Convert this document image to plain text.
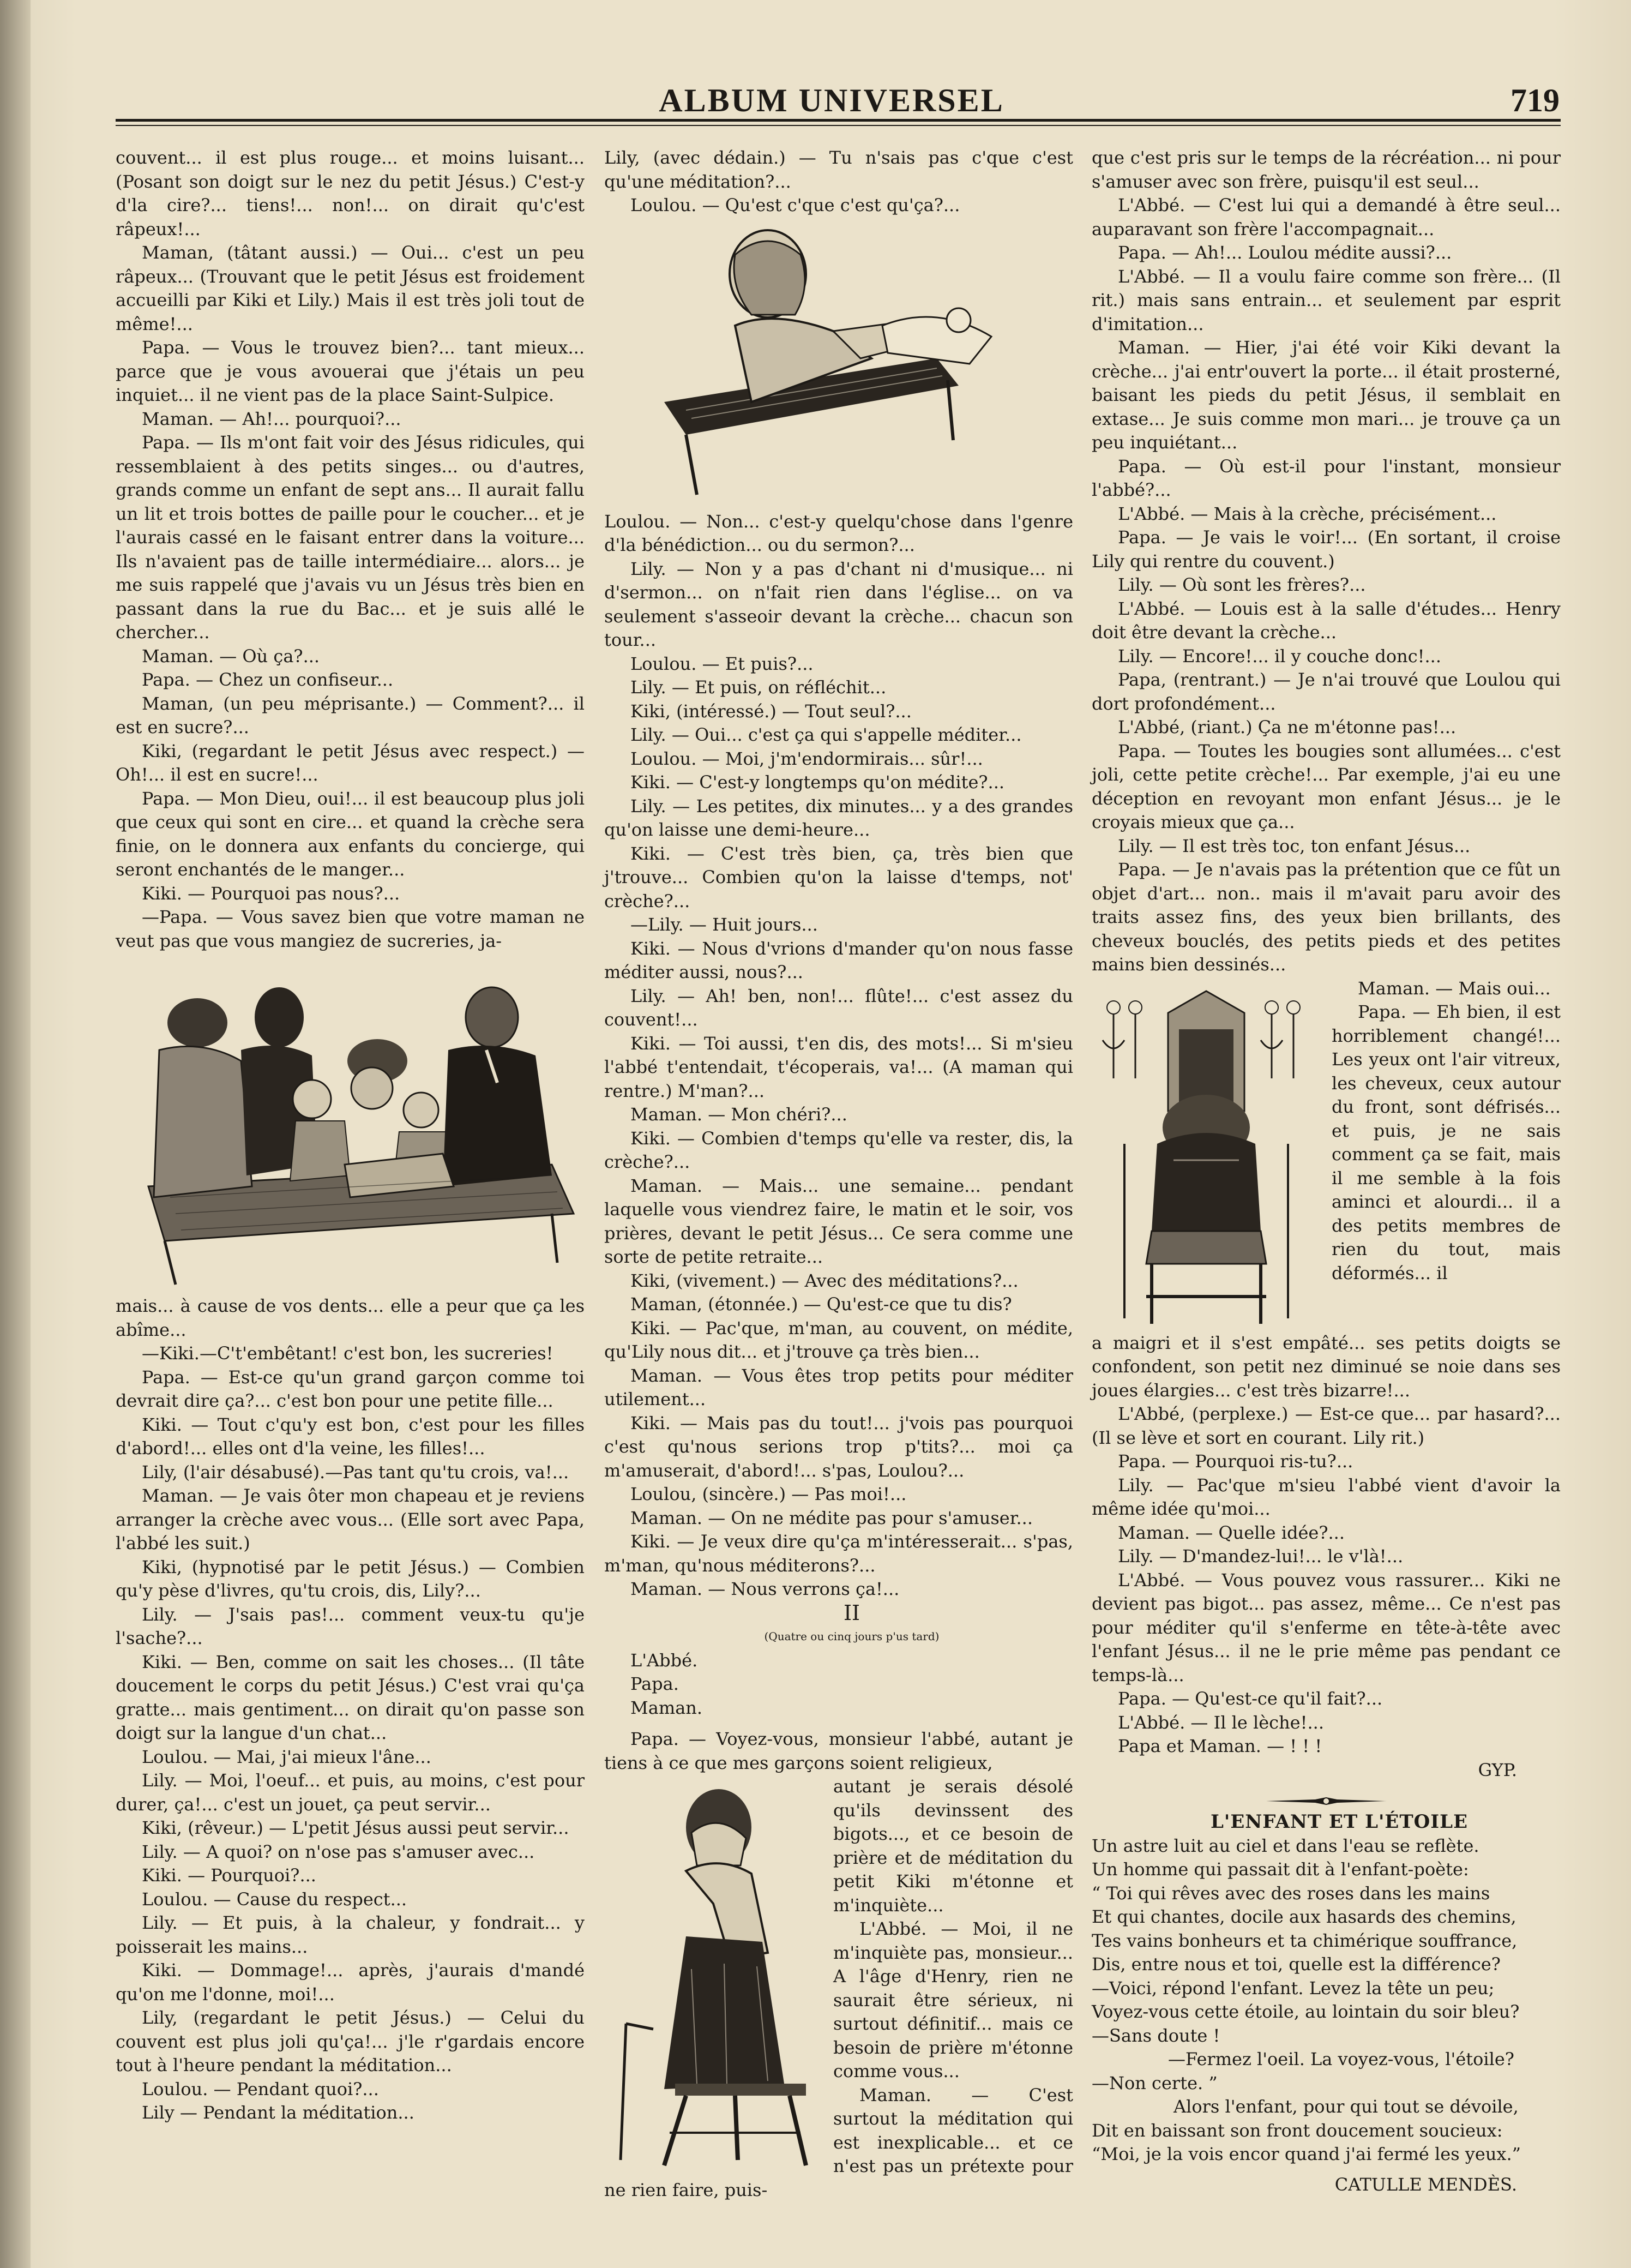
ALBUM UNIVERSEL	719

couvent... il est plus rouge... et moins luisant... (Posant son doigt sur le nez du petit Jésus.) C'est-y d'la cire?... tiens!... non!... on dirait qu'c'est râpeux!...

Maman, (tâtant aussi.) — Oui... c'est un peu râpeux... (Trouvant que le petit Jésus est froidement accueilli par Kiki et Lily.) Mais il est très joli tout de même!...

Papa. — Vous le trouvez bien?... tant mieux... parce que je vous avouerai que j'étais un peu inquiet... il ne vient pas de la place Saint-Sulpice.

Maman. — Ah!... pourquoi?...

Papa. — Ils m'ont fait voir des Jésus ridicules, qui ressemblaient à des petits singes... ou d'autres, grands comme un enfant de sept ans... Il aurait fallu un lit et trois bottes de paille pour le coucher... et je l'aurais cassé en le faisant entrer dans la voiture... Ils n'avaient pas de taille intermédiaire... alors... je me suis rappelé que j'avais vu un Jésus très bien en passant dans la rue du Bac... et je suis allé le chercher...

Maman. — Où ça?...

Papa. — Chez un confiseur...

Maman, (un peu méprisante.) — Comment?... il est en sucre?...

Kiki, (regardant le petit Jésus avec respect.) — Oh!... il est en sucre!...

Papa. — Mon Dieu, oui!... il est beaucoup plus joli que ceux qui sont en cire... et quand la crèche sera finie, on le donnera aux enfants du concierge, qui seront enchantés de le manger...

Kiki. — Pourquoi pas nous?...

—Papa. — Vous savez bien que votre maman ne veut pas que vous mangiez de sucreries, ja-

mais... à cause de vos dents... elle a peur que ça les abîme...

—Kiki.—C't'embêtant! c'est bon, les sucreries!

Papa. — Est-ce qu'un grand garçon comme toi devrait dire ça?... c'est bon pour une petite fille...

Kiki. — Tout c'qu'y est bon, c'est pour les filles d'abord!... elles ont d'la veine, les filles!...

Lily, (l'air désabusé).—Pas tant qu'tu crois, va!...

Maman. — Je vais ôter mon chapeau et je reviens arranger la crèche avec vous... (Elle sort avec Papa, l'abbé les suit.)

Kiki, (hypnotisé par le petit Jésus.) — Combien qu'y pèse d'livres, qu'tu crois, dis, Lily?...

Lily. — J'sais pas!... comment veux-tu qu'je l'sache?...

Kiki. — Ben, comme on sait les choses... (Il tâte doucement le corps du petit Jésus.) C'est vrai qu'ça gratte... mais gentiment... on dirait qu'on passe son doigt sur la langue d'un chat...

Loulou. — Mai, j'ai mieux l'âne...

Lily. — Moi, l'oeuf... et puis, au moins, c'est pour durer, ça!... c'est un jouet, ça peut servir...

Kiki, (rêveur.) — L'petit Jésus aussi peut servir...

Lily. — A quoi? on n'ose pas s'amuser avec...

Kiki. — Pourquoi?...

Loulou. — Cause du respect...

Lily. — Et puis, à la chaleur, y fondrait... y poisserait les mains...

Kiki. — Dommage!... après, j'aurais d'mandé qu'on me l'donne, moi!...

Lily, (regardant le petit Jésus.) — Celui du couvent est plus joli qu'ça!... j'le r'gardais encore tout à l'heure pendant la méditation...

Loulou. — Pendant quoi?...

Lily — Pendant la méditation...

Lily, (avec dédain.) — Tu n'sais pas c'que c'est qu'une méditation?...

Loulou. — Qu'est c'que c'est qu'ça?...

Loulou. — Non... c'est-y quelqu'chose dans l'genre d'la bénédiction... ou du sermon?...

Lily. — Non y a pas d'chant ni d'musique... ni d'sermon... on n'fait rien dans l'église... on va seulement s'asseoir devant la crèche... chacun son tour...

Loulou. — Et puis?...

Lily. — Et puis, on réfléchit...

Kiki, (intéressé.) — Tout seul?...

Lily. — Oui... c'est ça qui s'appelle méditer...

Loulou. — Moi, j'm'endormirais... sûr!...

Kiki. — C'est-y longtemps qu'on médite?...

Lily. — Les petites, dix minutes... y a des grandes qu'on laisse une demi-heure...

Kiki. — C'est très bien, ça, très bien que j'trouve... Combien qu'on la laisse d'temps, not' crèche?...

—Lily. — Huit jours...

Kiki. — Nous d'vrions d'mander qu'on nous fasse méditer aussi, nous?...

Lily. — Ah! ben, non!... flûte!... c'est assez du couvent!...

Kiki. — Toi aussi, t'en dis, des mots!... Si m'sieu l'abbé t'entendait, t'écoperais, va!... (A maman qui rentre.) M'man?...

Maman. — Mon chéri?...

Kiki. — Combien d'temps qu'elle va rester, dis, la crèche?...

Maman. — Mais... une semaine... pendant laquelle vous viendrez faire, le matin et le soir, vos prières, devant le petit Jésus... Ce sera comme une sorte de petite retraite...

Kiki, (vivement.) — Avec des méditations?...

Maman, (étonnée.) — Qu'est-ce que tu dis?

Kiki. — Pac'que, m'man, au couvent, on médite, qu'Lily nous dit... et j'trouve ça très bien...

Maman. — Vous êtes trop petits pour méditer utilement...

Kiki. — Mais pas du tout!... j'vois pas pourquoi c'est qu'nous serions trop p'tits?... moi ça m'amuserait, d'abord!... s'pas, Loulou?...

Loulou, (sincère.) — Pas moi!...

Maman. — On ne médite pas pour s'amuser...

Kiki. — Je veux dire qu'ça m'intéresserait... s'pas, m'man, qu'nous méditerons?...

Maman. — Nous verrons ça!...

II

(Quatre ou cinq jours p'us tard)

L'Abbé.

Papa.

Maman.

Papa. — Voyez-vous, monsieur l'abbé, autant je tiens à ce que mes garçons soient religieux,

autant je serais désolé qu'ils devinssent des bigots..., et ce besoin de prière et de méditation du petit Kiki m'étonne et m'inquiète...

L'Abbé. — Moi, il ne m'inquiète pas, monsieur... A l'âge d'Henry, rien ne saurait être sérieux, ni surtout définitif... mais ce besoin de prière m'étonne comme vous...

Maman. — C'est surtout la méditation qui est inexplicable... et ce n'est pas un prétexte pour ne rien faire, puis-

que c'est pris sur le temps de la récréation... ni pour s'amuser avec son frère, puisqu'il est seul...

L'Abbé. — C'est lui qui a demandé à être seul... auparavant son frère l'accompagnait...

Papa. — Ah!... Loulou médite aussi?...

L'Abbé. — Il a voulu faire comme son frère... (Il rit.) mais sans entrain... et seulement par esprit d'imitation...

Maman. — Hier, j'ai été voir Kiki devant la crèche... j'ai entr'ouvert la porte... il était prosterné, baisant les pieds du petit Jésus, il semblait en extase... Je suis comme mon mari... je trouve ça un peu inquiétant...

Papa. — Où est-il pour l'instant, monsieur l'abbé?...

L'Abbé. — Mais à la crèche, précisément...

Papa. — Je vais le voir!... (En sortant, il croise Lily qui rentre du couvent.)

Lily. — Où sont les frères?...

L'Abbé. — Louis est à la salle d'études... Henry doit être devant la crèche...

Lily. — Encore!... il y couche donc!...

Papa, (rentrant.) — Je n'ai trouvé que Loulou qui dort profondément...

L'Abbé, (riant.) Ça ne m'étonne pas!...

Papa. — Toutes les bougies sont allumées... c'est joli, cette petite crèche!... Par exemple, j'ai eu une déception en revoyant mon enfant Jésus... je le croyais mieux que ça...

Lily. — Il est très toc, ton enfant Jésus...

Papa. — Je n'avais pas la prétention que ce fût un objet d'art... non.. mais il m'avait paru avoir des traits assez fins, des yeux bien brillants, des cheveux bouclés, des petits pieds et des petites mains bien dessinés...

Maman. — Mais oui...

Papa. — Eh bien, il est horriblement changé!... Les yeux ont l'air vitreux, les cheveux, ceux autour du front, sont défrisés... et puis, je ne sais comment ça se fait, mais il me semble à la fois aminci et alourdi... il a des petits membres de rien du tout, mais déformés... il

a maigri et il s'est empâté... ses petits doigts se confondent, son petit nez diminué se noie dans ses joues élargies... c'est très bizarre!...

L'Abbé, (perplexe.) — Est-ce que... par hasard?... (Il se lève et sort en courant. Lily rit.)

Papa. — Pourquoi ris-tu?...

Lily. — Pac'que m'sieu l'abbé vient d'avoir la même idée qu'moi...

Maman. — Quelle idée?...

Lily. — D'mandez-lui!... le v'là!...

L'Abbé. — Vous pouvez vous rassurer... Kiki ne devient pas bigot... pas assez, même... Ce n'est pas pour méditer qu'il s'enferme en tête-à-tête avec l'enfant Jésus... il ne le prie même pas pendant ce temps-là...

Papa. — Qu'est-ce qu'il fait?...

L'Abbé. — Il le lèche!...

Papa et Maman. — ! ! !

GYP.

L'ENFANT ET L'ÉTOILE

Un astre luit au ciel et dans l'eau se reflète.

Un homme qui passait dit à l'enfant-poète:

“ Toi qui rêves avec des roses dans les mains

Et qui chantes, docile aux hasards des chemins,

Tes vains bonheurs et ta chimérique souffrance,

Dis, entre nous et toi, quelle est la différence?

—Voici, répond l'enfant. Levez la tête un peu;

Voyez-vous cette étoile, au lointain du soir bleu?

—Sans doute !

—Fermez l'oeil. La voyez-vous, l'étoile?

—Non certe. ”

Alors l'enfant, pour qui tout se dévoile,

Dit en baissant son front doucement soucieux:

“Moi, je la vois encor quand j'ai fermé les yeux.”

CATULLE MENDÈS.
